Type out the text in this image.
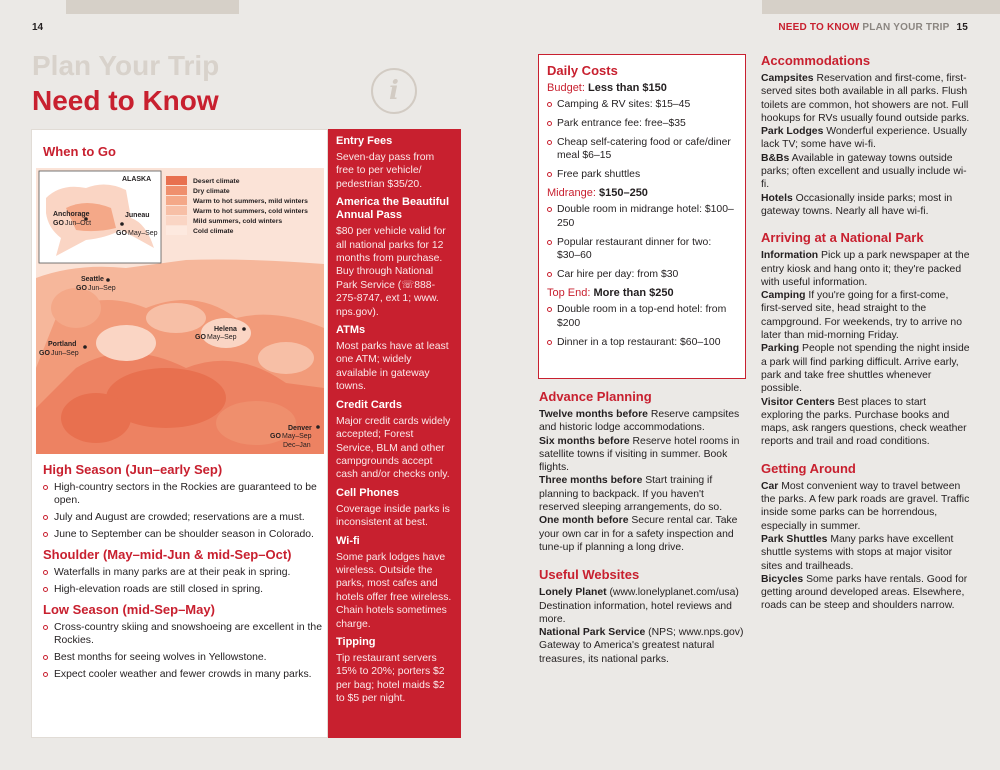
14
Plan Your Trip
Need to Know	i
When to Go
ALASKA	Desert climate
Dry climate
Warm to hot summers, mild winters
Warm to hot summers, cold winters
Mild summers, cold winters
Cold climate
Anchorage
GO Jun–Oct
Juneau
GO May–Sep
Seattle
GO Jun–Sep
Portland
GO Jun–Sep
Helena
GO May–Sep
Denver
GO May–Sep
Dec–Jan
High Season (Jun–early Sep)
High-country sectors in the Rockies are guaranteed to be open.
July and August are crowded; reservations are a must.
June to September can be shoulder season in Colorado.
Shoulder (May–mid-Jun & mid-Sep–Oct)
Waterfalls in many parks are at their peak in spring.
High-elevation roads are still closed in spring.
Low Season (mid-Sep–May)
Cross-country skiing and snowshoeing are excellent in the Rockies.
Best months for seeing wolves in Yellowstone.
Expect cooler weather and fewer crowds in many parks.
Entry Fees

Seven-day pass from free to per vehicle/ pedestrian $35/20.

America the Beautiful Annual Pass

$80 per vehicle valid for all national parks for 12 months from purchase. Buy through National Park Service (☏888-275-8747, ext 1; www. nps.gov).

ATMs

Most parks have at least one ATM; widely available in gateway towns.

Credit Cards

Major credit cards widely accepted; Forest Service, BLM and other campgrounds accept cash and/or checks only.

Cell Phones

Coverage inside parks is inconsistent at best.

Wi-fi

Some park lodges have wireless. Outside the parks, most cafes and hotels offer free wireless. Chain hotels sometimes charge.

Tipping

Tip restaurant servers 15% to 20%; porters $2 per bag; hotel maids $2 to $5 per night.

NEED TO KNOW PLAN YOUR TRIP 15
Daily Costs
Budget: Less than $150
Camping & RV sites: $15–45
Park entrance fee: free–$35
Cheap self-catering food or cafe/diner meal $6–15
Free park shuttles
Midrange: $150–250
Double room in midrange hotel: $100–250
Popular restaurant dinner for two: $30–60
Car hire per day: from $30
Top End: More than $250
Double room in a top-end hotel: from $200
Dinner in a top restaurant: $60–100
Advance Planning

Twelve months before Reserve campsites and historic lodge accommodations.

Six months before Reserve hotel rooms in satellite towns if visiting in summer. Book flights.

Three months before Start training if planning to backpack. If you haven't reserved sleeping arrangements, do so.

One month before Secure rental car. Take your own car in for a safety inspection and tune-up if planning a long drive.

Useful Websites

Lonely Planet (www.lonelyplanet.com/usa) Destination information, hotel reviews and more.

National Park Service (NPS; www.nps.gov) Gateway to America's greatest natural treasures, its national parks.

Accommodations

Campsites Reservation and first-come, first-served sites both available in all parks. Flush toilets are common, hot showers are not. Full hookups for RVs usually found outside parks.

Park Lodges Wonderful experience. Usually lack TV; some have wi-fi.

B&Bs Available in gateway towns outside parks; often excellent and usually include wi-fi.

Hotels Occasionally inside parks; most in gateway towns. Nearly all have wi-fi.

Arriving at a National Park

Information Pick up a park newspaper at the entry kiosk and hang onto it; they're packed with useful information.

Camping If you're going for a first-come, first-served site, head straight to the campground. For weekends, try to arrive no later than mid-morning Friday.

Parking People not spending the night inside a park will find parking difficult. Arrive early, park and take free shuttles whenever possible.

Visitor Centers Best places to start exploring the parks. Purchase books and maps, ask rangers questions, check weather reports and trail and road conditions.

Getting Around

Car Most convenient way to travel between the parks. A few park roads are gravel. Traffic inside some parks can be horrendous, especially in summer.

Park Shuttles Many parks have excellent shuttle systems with stops at major visitor sites and trailheads.

Bicycles Some parks have rentals. Good for getting around developed areas. Elsewhere, roads can be steep and shoulders narrow.
